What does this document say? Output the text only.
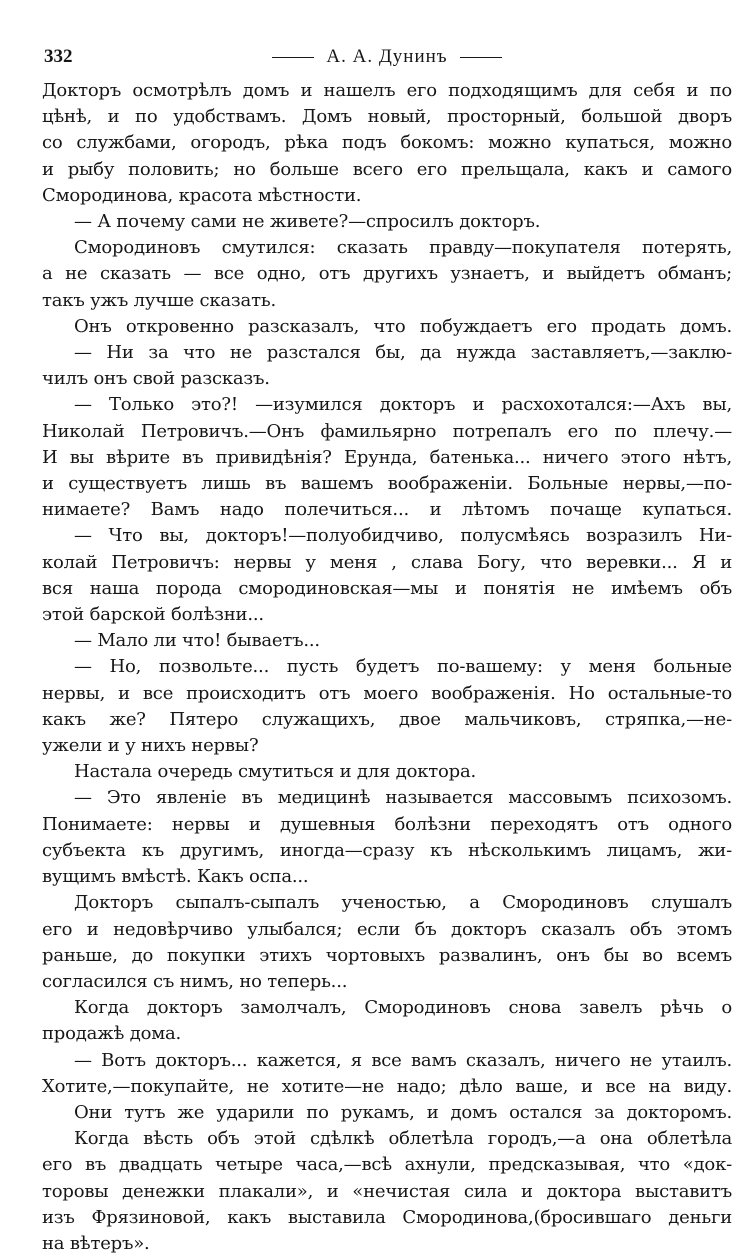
332	А. А. Дунинъ
Докторъ осмотрѣлъ домъ и нашелъ его подходящимъ для себя и по
цѣнѣ, и по удобствамъ. Домъ новый, просторный, большой дворъ
со службами, огородъ, рѣка подъ бокомъ: можно купаться, можно
и рыбу половить; но больше всего его прельщала, какъ и самого
Смородинова, красота мѣстности.
— А почему сами не живете?—спросилъ докторъ.
Смородиновъ смутился: сказать правду—покупателя потерять,
а не сказать — все одно, отъ другихъ узнаетъ, и выйдетъ обманъ;
такъ ужъ лучше сказать.
Онъ откровенно разсказалъ, что побуждаетъ его продать домъ.
— Ни за что не разстался бы, да нужда заставляетъ,—заклю-
чилъ онъ свой разсказъ.
— Только это?! —изумился докторъ и расхохотался:—Ахъ вы,
Николай Петровичъ.—Онъ фамильярно потрепалъ его по плечу.—
И вы вѣрите въ привидѣнія? Ерунда, батенька... ничего этого нѣтъ,
и существуетъ лишь въ вашемъ воображеніи. Больные нервы,—по-
нимаете? Вамъ надо полечиться... и лѣтомъ почаще купаться.
— Что вы, докторъ!—полуобидчиво, полусмѣясь возразилъ Ни-
колай Петровичъ: нервы у меня , слава Богу, что веревки... Я и
вся наша порода смородиновская—мы и понятія не имѣемъ объ
этой барской болѣзни...
— Мало ли что! бываетъ...
— Но, позвольте... пусть будетъ по-вашему: у меня больные
нервы, и все происходитъ отъ моего воображенія. Но остальные-то
какъ же? Пятеро служащихъ, двое мальчиковъ, стряпка,—не-
ужели и у нихъ нервы?
Настала очередь смутиться и для доктора.
— Это явленіе въ медицинѣ называется массовымъ психозомъ.
Понимаете: нервы и душевныя болѣзни переходятъ отъ одного
субъекта къ другимъ, иногда—сразу къ нѣсколькимъ лицамъ, жи-
вущимъ вмѣстѣ. Какъ оспа...
Докторъ сыпалъ-сыпалъ ученостью, а Смородиновъ слушалъ
его и недовѣрчиво улыбался; если бъ докторъ сказалъ объ этомъ
раньше, до покупки этихъ чортовыхъ развалинъ, онъ бы во всемъ
согласился съ нимъ, но теперь...
Когда докторъ замолчалъ, Смородиновъ снова завелъ рѣчь о
продажѣ дома.
— Вотъ докторъ... кажется, я все вамъ сказалъ, ничего не утаилъ.
Хотите,—покупайте, не хотите—не надо; дѣло ваше, и все на виду.
Они тутъ же ударили по рукамъ, и домъ остался за докторомъ.
Когда вѣсть объ этой сдѣлкѣ облетѣла городъ,—а она облетѣла
его въ двадцать четыре часа,—всѣ ахнули, предсказывая, что «док-
торовы денежки плакали», и «нечистая сила и доктора выставитъ
изъ Фрязиновой, какъ выставила Смородинова,(бросившаго деньги
на вѣтеръ».
